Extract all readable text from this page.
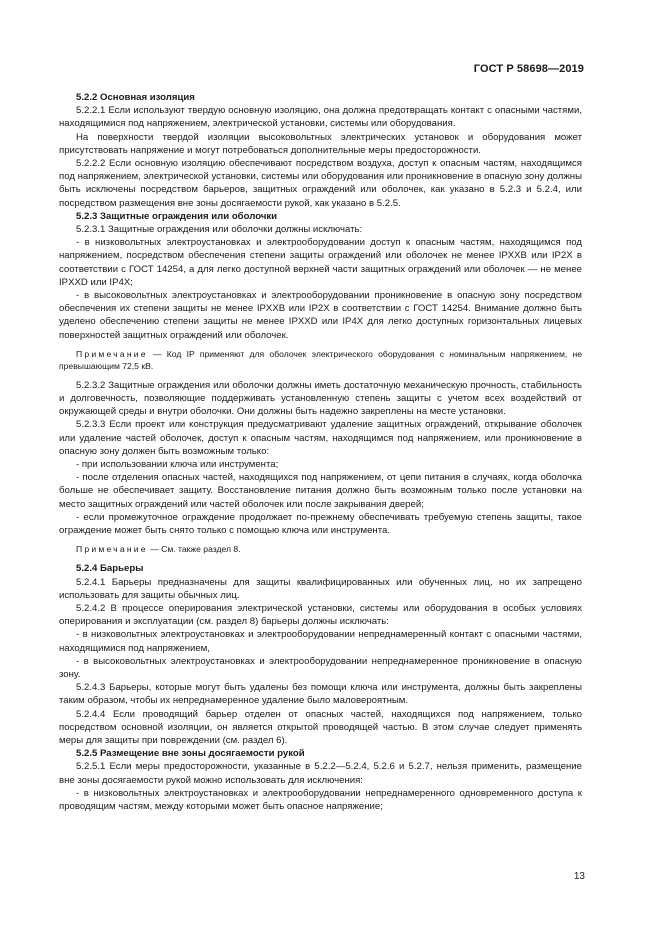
ГОСТ Р 58698—2019
5.2.2 Основная изоляция
5.2.2.1 Если используют твердую основную изоляцию, она должна предотвращать контакт с опасными частями, находящимися под напряжением, электрической установки, системы или оборудования.
На поверхности твердой изоляции высоковольтных электрических установок и оборудования может присутствовать напряжение и могут потребоваться дополнительные меры предосторожности.
5.2.2.2 Если основную изоляцию обеспечивают посредством воздуха, доступ к опасным частям, находящимся под напряжением, электрической установки, системы или оборудования или проникновение в опасную зону должны быть исключены посредством барьеров, защитных ограждений или оболочек, как указано в 5.2.3 и 5.2.4, или посредством размещения вне зоны досягаемости рукой, как указано в 5.2.5.
5.2.3 Защитные ограждения или оболочки
5.2.3.1 Защитные ограждения или оболочки должны исключать:
- в низковольтных электроустановках и электрооборудовании доступ к опасным частям, находящимся под напряжением, посредством обеспечения степени защиты ограждений или оболочек не менее IPXXB или IP2X в соответствии с ГОСТ 14254, а для легко доступной верхней части защитных ограждений или оболочек — не менее IPXXD или IP4X;
- в высоковольтных электроустановках и электрооборудовании проникновение в опасную зону посредством обеспечения их степени защиты не менее IPXXB или IP2X в соответствии с ГОСТ 14254. Внимание должно быть уделено обеспечению степени защиты не менее IPXXD или IP4X для легко доступных горизонтальных лицевых поверхностей защитных ограждений или оболочек.
Примечание — Код IP применяют для оболочек электрического оборудования с номинальным напряжением, не превышающим 72,5 кВ.
5.2.3.2 Защитные ограждения или оболочки должны иметь достаточную механическую прочность, стабильность и долговечность, позволяющие поддерживать установленную степень защиты с учетом всех воздействий от окружающей среды и внутри оболочки. Они должны быть надежно закреплены на месте установки.
5.2.3.3 Если проект или конструкция предусматривают удаление защитных ограждений, открывание оболочек или удаление частей оболочек, доступ к опасным частям, находящимся под напряжением, или проникновение в опасную зону должен быть возможным только:
- при использовании ключа или инструмента;
- после отделения опасных частей, находящихся под напряжением, от цепи питания в случаях, когда оболочка больше не обеспечивает защиту. Восстановление питания должно быть возможным только после установки на место защитных ограждений или частей оболочек или после закрывания дверей;
- если промежуточное ограждение продолжает по-прежнему обеспечивать требуемую степень защиты, такое ограждение может быть снято только с помощью ключа или инструмента.
Примечание — См. также раздел 8.
5.2.4 Барьеры
5.2.4.1 Барьеры предназначены для защиты квалифицированных или обученных лиц, но их запрещено использовать для защиты обычных лиц.
5.2.4.2 В процессе оперирования электрической установки, системы или оборудования в особых условиях оперирования и эксплуатации (см. раздел 8) барьеры должны исключать:
- в низковольтных электроустановках и электрооборудовании непреднамеренный контакт с опасными частями, находящимися под напряжением,
- в высоковольтных электроустановках и электрооборудовании непреднамеренное проникновение в опасную зону.
5.2.4.3 Барьеры, которые могут быть удалены без помощи ключа или инструмента, должны быть закреплены таким образом, чтобы их непреднамеренное удаление было маловероятным.
5.2.4.4 Если проводящий барьер отделен от опасных частей, находящихся под напряжением, только посредством основной изоляции, он является открытой проводящей частью. В этом случае следует применять меры для защиты при повреждении (см. раздел 6).
5.2.5 Размещение вне зоны досягаемости рукой
5.2.5.1 Если меры предосторожности, указанные в 5.2.2—5.2.4, 5.2.6 и 5.2.7, нельзя применить, размещение вне зоны досягаемости рукой можно использовать для исключения:
- в низковольтных электроустановках и электрооборудовании непреднамеренного одновременного доступа к проводящим частям, между которыми может быть опасное напряжение;
13
